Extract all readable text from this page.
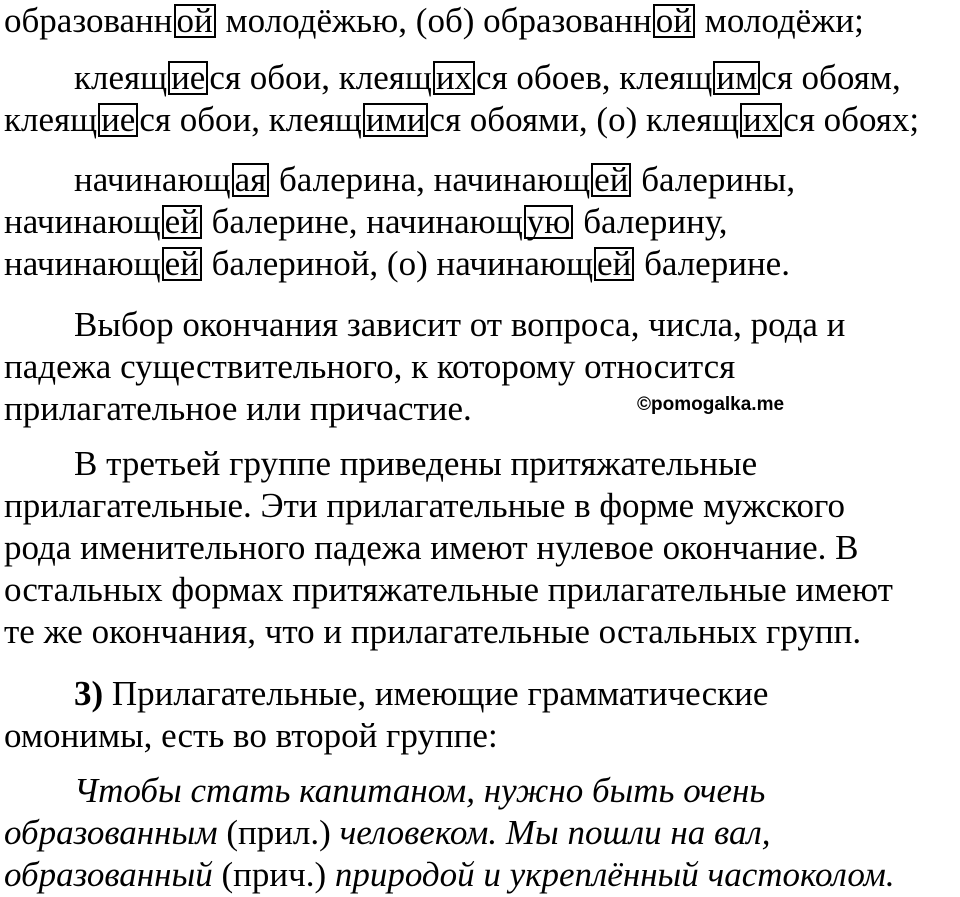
образованн ой молодёжью, (об) образованн ой молодёжи;

клеящ ие ся обои, клеящ их ся обоев, клеящ им ся обоям,
клеящ ие ся обои, клеящ ими ся обоями, (о) клеящ их ся обоях;

начинающ ая балерина, начинающ ей балерины,
начинающ ей балерине, начинающ ую балерину,
начинающ ей балериной, (о) начинающ ей балерине.

Выбор окончания зависит от вопроса, числа, рода и
падежа существительного, к которому относится
прилагательное или причастие.	©pomogalka.me

В третьей группе приведены притяжательные
прилагательные. Эти прилагательные в форме мужского
рода именительного падежа имеют нулевое окончание. В
остальных формах притяжательные прилагательные имеют
те же окончания, что и прилагательные остальных групп.

3) Прилагательные, имеющие грамматические
омонимы, есть во второй группе:

Чтобы стать капитаном, нужно быть очень
образованным (прил.) человеком. Мы пошли на вал,
образованный (прич.) природой и укреплённый частоколом.
